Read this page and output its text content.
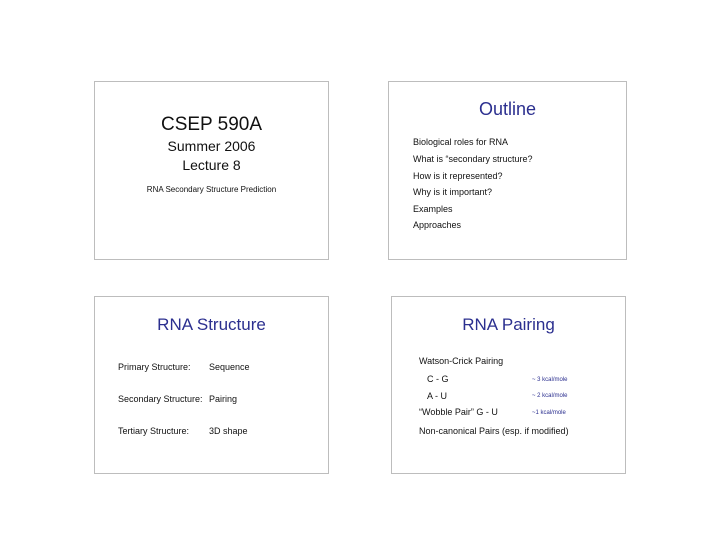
CSEP 590A
Summer 2006
Lecture 8
RNA Secondary Structure Prediction
Outline
Biological roles for RNA
What is “secondary structure?
How is it represented?
Why is it important?
Examples
Approaches
RNA Structure
Primary Structure: Sequence
Secondary Structure: Pairing
Tertiary Structure: 3D shape
RNA Pairing
Watson-Crick Pairing
C - G	~ 3 kcal/mole
A - U	~ 2 kcal/mole
“Wobble Pair” G - U	~1 kcal/mole
Non-canonical Pairs (esp. if modified)
